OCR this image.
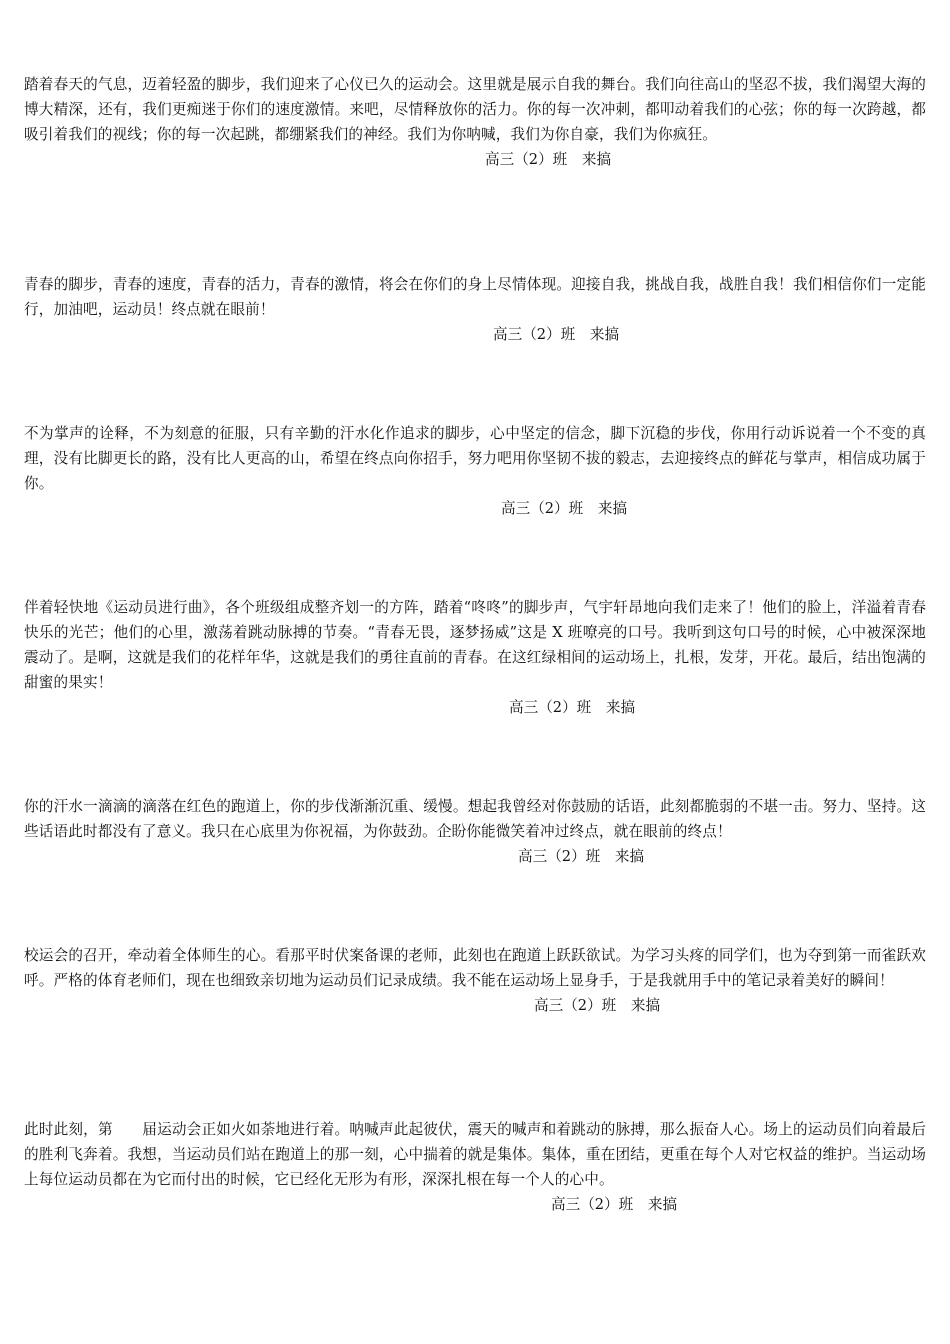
踏着春天的气息，迈着轻盈的脚步，我们迎来了心仪已久的运动会。这里就是展示自我的舞台。我们向往高山的坚忍不拔，我们渴望大海的博大精深，还有，我们更痴迷于你们的速度激情。来吧，尽情释放你的活力。你的每一次冲刺，都叩动着我们的心弦；你的每一次跨越，都吸引着我们的视线；你的每一次起跳，都绷紧我们的神经。我们为你呐喊，我们为你自豪，我们为你疯狂。

高三（2）班　来搞

青春的脚步，青春的速度，青春的活力，青春的激情，将会在你们的身上尽情体现。迎接自我，挑战自我，战胜自我！我们相信你们一定能行，加油吧，运动员！终点就在眼前！

高三（2）班　来搞

不为掌声的诠释，不为刻意的征服，只有辛勤的汗水化作追求的脚步，心中坚定的信念，脚下沉稳的步伐，你用行动诉说着一个不变的真理，没有比脚更长的路，没有比人更高的山，希望在终点向你招手，努力吧用你坚韧不拔的毅志，去迎接终点的鲜花与掌声，相信成功属于你。

高三（2）班　来搞

伴着轻快地《运动员进行曲》，各个班级组成整齐划一的方阵，踏着“咚咚”的脚步声，气宇轩昂地向我们走来了！他们的脸上，洋溢着青春快乐的光芒；他们的心里，激荡着跳动脉搏的节奏。“青春无畏，逐梦扬威”这是 X 班嘹亮的口号。我听到这句口号的时候，心中被深深地震动了。是啊，这就是我们的花样年华，这就是我们的勇往直前的青春。在这红绿相间的运动场上，扎根，发芽，开花。最后，结出饱满的甜蜜的果实！

高三（2）班　来搞

你的汗水一滴滴的滴落在红色的跑道上，你的步伐渐渐沉重、缓慢。想起我曾经对你鼓励的话语，此刻都脆弱的不堪一击。努力、坚持。这些话语此时都没有了意义。我只在心底里为你祝福，为你鼓劲。企盼你能微笑着冲过终点，就在眼前的终点！

高三（2）班　来搞

校运会的召开，牵动着全体师生的心。看那平时伏案备课的老师，此刻也在跑道上跃跃欲试。为学习头疼的同学们，也为夺到第一而雀跃欢呼。严格的体育老师们，现在也细致亲切地为运动员们记录成绩。我不能在运动场上显身手，于是我就用手中的笔记录着美好的瞬间！

高三（2）班　来搞

此时此刻，第　　届运动会正如火如荼地进行着。呐喊声此起彼伏，震天的喊声和着跳动的脉搏，那么振奋人心。场上的运动员们向着最后的胜利飞奔着。我想，当运动员们站在跑道上的那一刻，心中揣着的就是集体。集体，重在团结，更重在每个人对它权益的维护。当运动场上每位运动员都在为它而付出的时候，它已经化无形为有形，深深扎根在每一个人的心中。

高三（2）班　来搞
